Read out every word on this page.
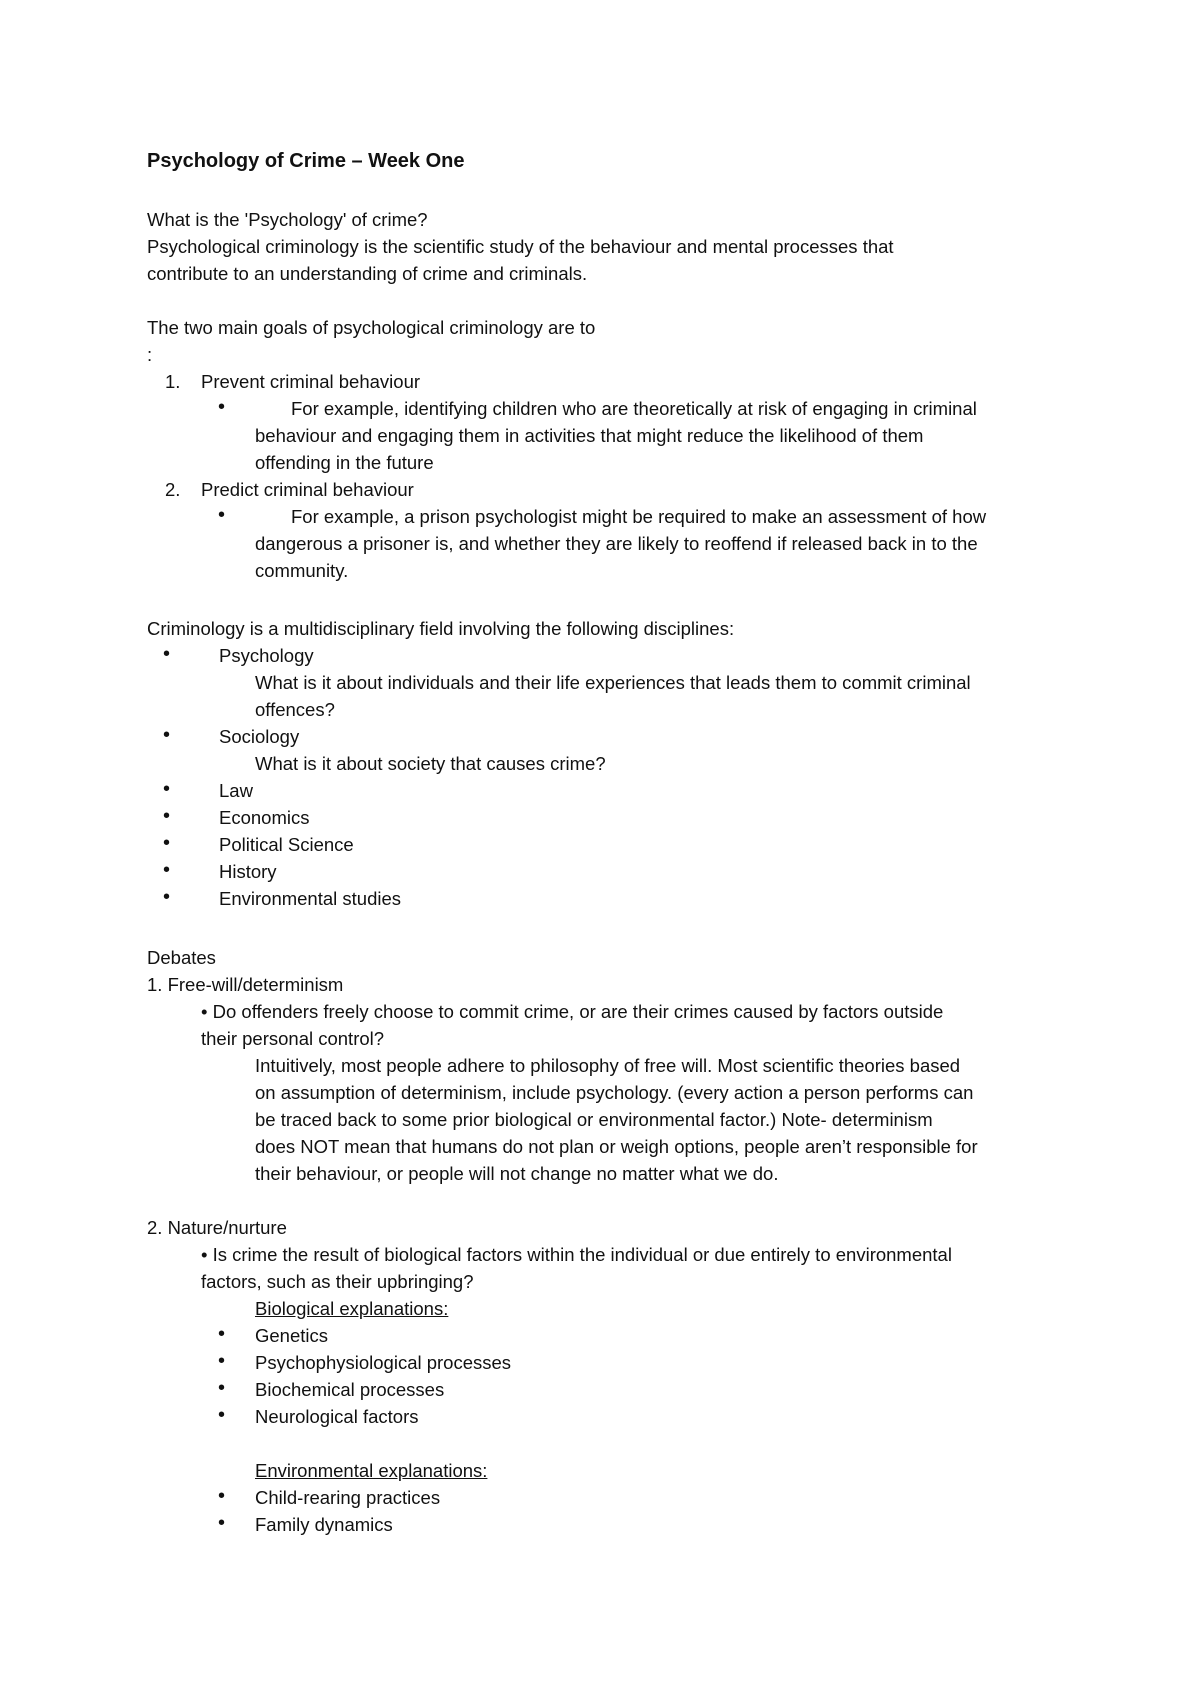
Psychology of Crime – Week One
What is the 'Psychology' of crime?
Psychological criminology is the scientific study of the behaviour and mental processes that
contribute to an understanding of crime and criminals.
The two main goals of psychological criminology are to
:
1. Prevent criminal behaviour
•	For example, identifying children who are theoretically at risk of engaging in criminal
behaviour and engaging them in activities that might reduce the likelihood of them
offending in the future
2. Predict criminal behaviour
•	For example, a prison psychologist might be required to make an assessment of how
dangerous a prisoner is, and whether they are likely to reoffend if released back in to the
community.
Criminology is a multidisciplinary field involving the following disciplines:
•	Psychology
What is it about individuals and their life experiences that leads them to commit criminal
offences?
•	Sociology
What is it about society that causes crime?
•	Law
•	Economics
•	Political Science
•	History
•	Environmental studies
Debates
1. Free-will/determinism
• Do offenders freely choose to commit crime, or are their crimes caused by factors outside
their personal control?
Intuitively, most people adhere to philosophy of free will. Most scientific theories based
on assumption of determinism, include psychology. (every action a person performs can
be traced back to some prior biological or environmental factor.) Note- determinism
does NOT mean that humans do not plan or weigh options, people aren’t responsible for
their behaviour, or people will not change no matter what we do.
2. Nature/nurture
• Is crime the result of biological factors within the individual or due entirely to environmental
factors, such as their upbringing?
Biological explanations:
• Genetics
• Psychophysiological processes
• Biochemical processes
• Neurological factors
Environmental explanations:
• Child-rearing practices
• Family dynamics
